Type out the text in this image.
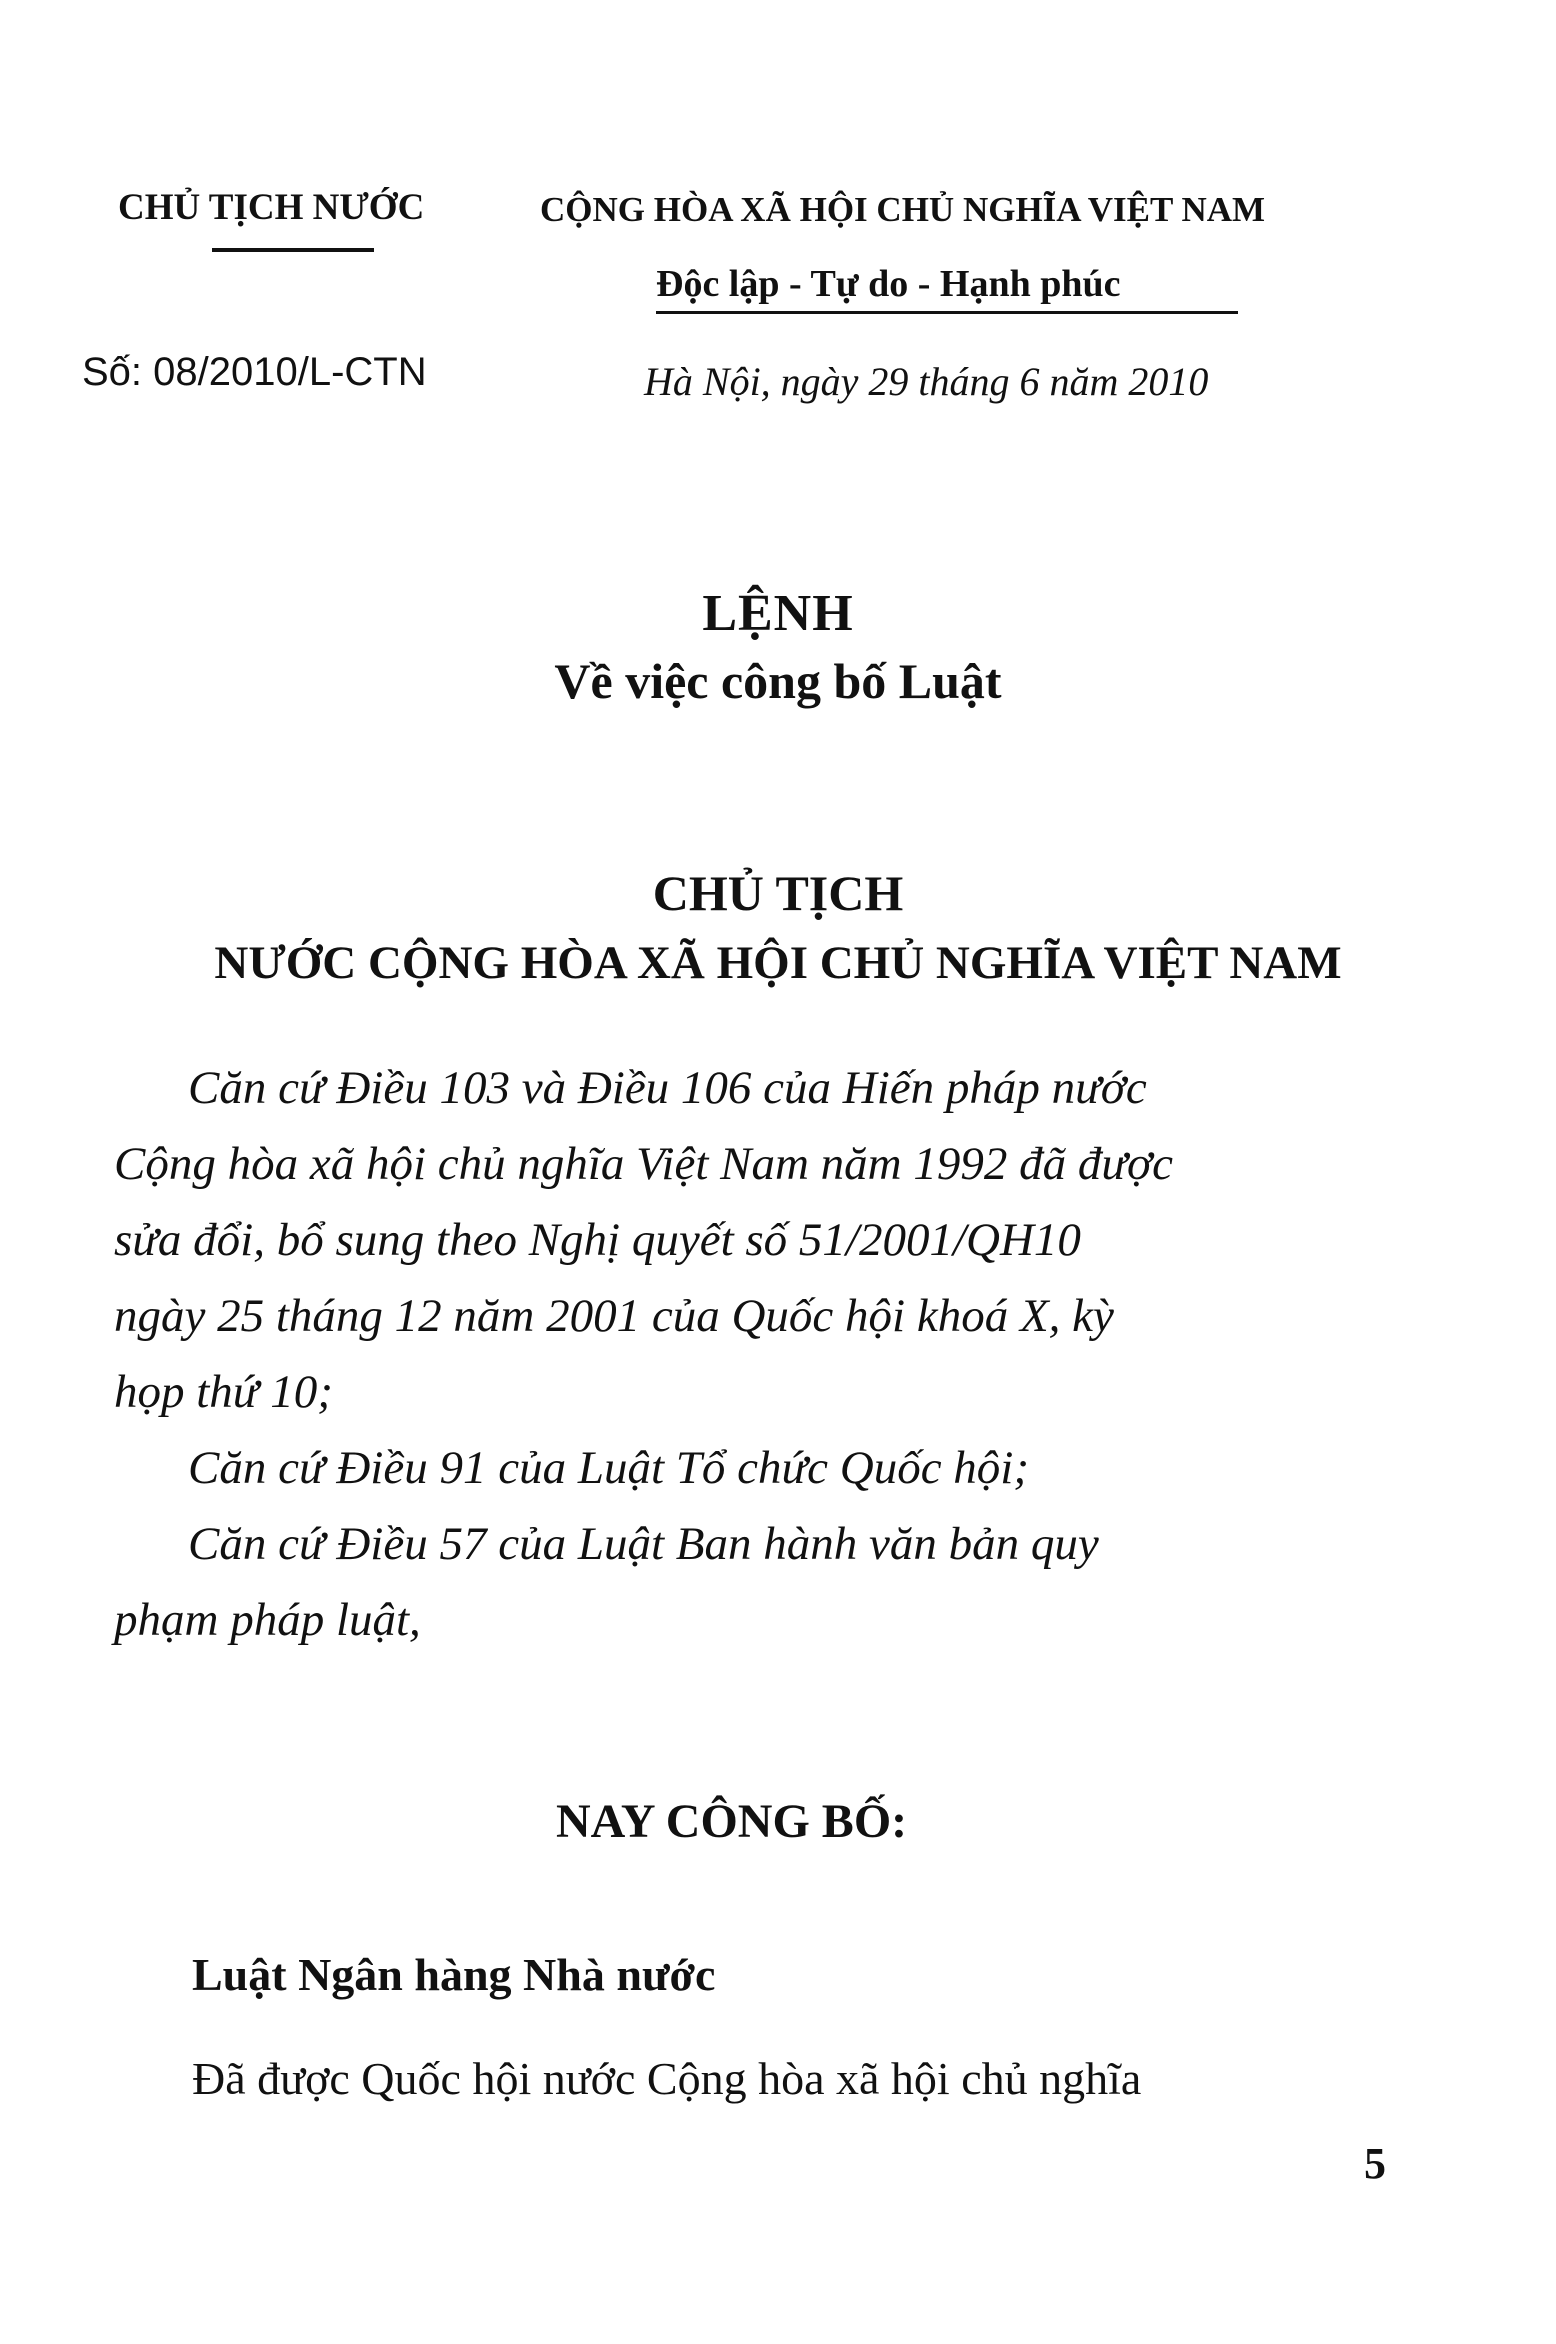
CHỦ TỊCH NƯỚC	CỘNG HÒA XÃ HỘI CHỦ NGHĨA VIỆT NAM
Độc lập - Tự do - Hạnh phúc
Số: 08/2010/L-CTN	Hà Nội, ngày 29 tháng 6 năm 2010
LỆNH
Về việc công bố Luật
CHỦ TỊCH
NƯỚC CỘNG HÒA XÃ HỘI CHỦ NGHĨA VIỆT NAM
Căn cứ Điều 103 và Điều 106 của Hiến pháp nước
Cộng hòa xã hội chủ nghĩa Việt Nam năm 1992 đã được
sửa đổi, bổ sung theo Nghị quyết số 51/2001/QH10
ngày 25 tháng 12 năm 2001 của Quốc hội khoá X, kỳ
họp thứ 10;
Căn cứ Điều 91 của Luật Tổ chức Quốc hội;
Căn cứ Điều 57 của Luật Ban hành văn bản quy
phạm pháp luật,
NAY CÔNG BỐ:
Luật Ngân hàng Nhà nước
Đã được Quốc hội nước Cộng hòa xã hội chủ nghĩa
5
